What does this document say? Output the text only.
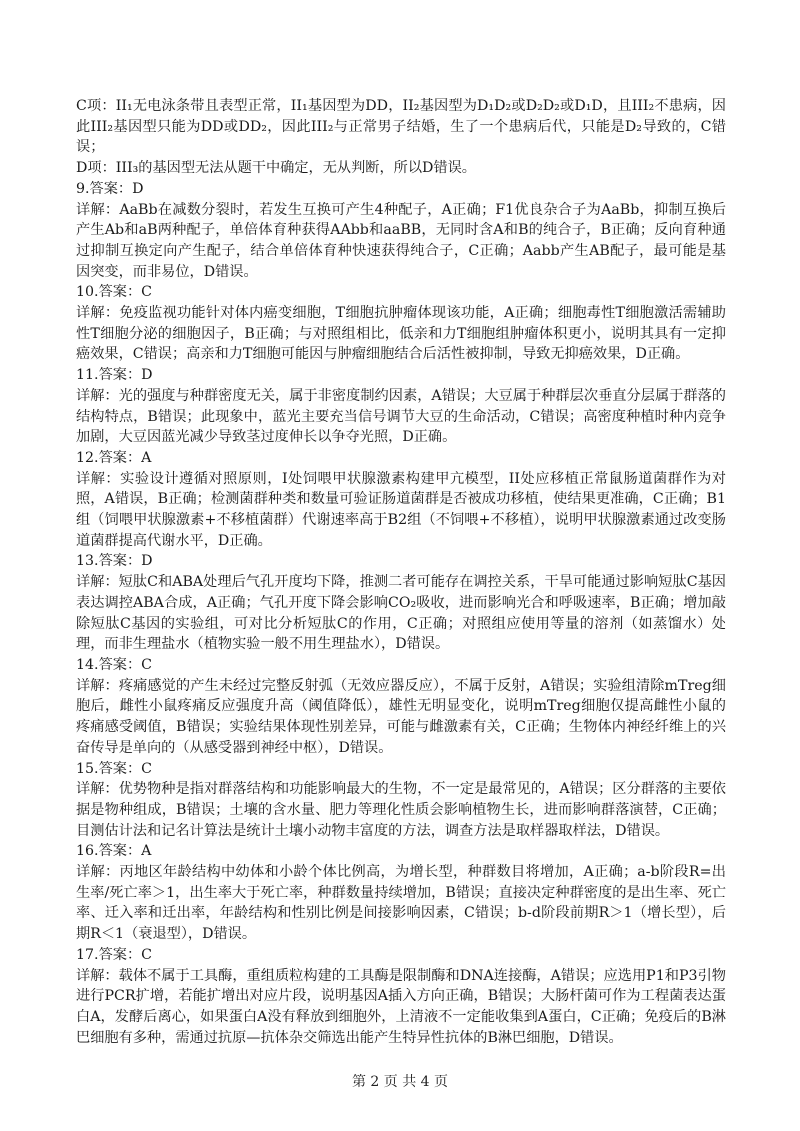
C项：II₁无电泳条带且表型正常，II₁基因型为DD，II₂基因型为D₁D₂或D₂D₂或D₁D，且III₂不患病，因此III₂基因型只能为DD或DD₂，因此III₂与正常男子结婚，生了一个患病后代，只能是D₂导致的，C错误；

D项：III₃的基因型无法从题干中确定，无从判断，所以D错误。

9.答案：D

详解：AaBb在减数分裂时，若发生互换可产生4种配子，A正确；F1优良杂合子为AaBb，抑制互换后产生Ab和aB两种配子，单倍体育种获得AAbb和aaBB，无同时含A和B的纯合子，B正确；反向育种通过抑制互换定向产生配子，结合单倍体育种快速获得纯合子，C正确；Aabb产生AB配子，最可能是基因突变，而非易位，D错误。

10.答案：C

详解：免疫监视功能针对体内癌变细胞，T细胞抗肿瘤体现该功能，A正确；细胞毒性T细胞激活需辅助性T细胞分泌的细胞因子，B正确；与对照组相比，低亲和力T细胞组肿瘤体积更小，说明其具有一定抑癌效果，C错误；高亲和力T细胞可能因与肿瘤细胞结合后活性被抑制，导致无抑癌效果，D正确。

11.答案：D

详解：光的强度与种群密度无关，属于非密度制约因素，A错误；大豆属于种群层次垂直分层属于群落的结构特点，B错误；此现象中，蓝光主要充当信号调节大豆的生命活动，C错误；高密度种植时种内竞争加剧，大豆因蓝光减少导致茎过度伸长以争夺光照，D正确。

12.答案：A

详解：实验设计遵循对照原则，I处饲喂甲状腺激素构建甲亢模型，II处应移植正常鼠肠道菌群作为对照，A错误，B正确；检测菌群种类和数量可验证肠道菌群是否被成功移植，使结果更准确，C正确；B1组（饲喂甲状腺激素+不移植菌群）代谢速率高于B2组（不饲喂+不移植），说明甲状腺激素通过改变肠道菌群提高代谢水平，D正确。

13.答案：D

详解：短肽C和ABA处理后气孔开度均下降，推测二者可能存在调控关系，干旱可能通过影响短肽C基因表达调控ABA合成，A正确；气孔开度下降会影响CO₂吸收，进而影响光合和呼吸速率，B正确；增加敲除短肽C基因的实验组，可对比分析短肽C的作用，C正确；对照组应使用等量的溶剂（如蒸馏水）处理，而非生理盐水（植物实验一般不用生理盐水），D错误。

14.答案：C

详解：疼痛感觉的产生未经过完整反射弧（无效应器反应），不属于反射，A错误；实验组清除mTreg细胞后，雌性小鼠疼痛反应强度升高（阈值降低），雄性无明显变化，说明mTreg细胞仅提高雌性小鼠的疼痛感受阈值，B错误；实验结果体现性别差异，可能与雌激素有关，C正确；生物体内神经纤维上的兴奋传导是单向的（从感受器到神经中枢），D错误。

15.答案：C

详解：优势物种是指对群落结构和功能影响最大的生物，不一定是最常见的，A错误；区分群落的主要依据是物种组成，B错误；土壤的含水量、肥力等理化性质会影响植物生长，进而影响群落演替，C正确；目测估计法和记名计算法是统计土壤小动物丰富度的方法，调查方法是取样器取样法，D错误。

16.答案：A

详解：丙地区年龄结构中幼体和小龄个体比例高，为增长型，种群数目将增加，A正确；a-b阶段R=出生率/死亡率＞1，出生率大于死亡率，种群数量持续增加，B错误；直接决定种群密度的是出生率、死亡率、迁入率和迁出率，年龄结构和性别比例是间接影响因素，C错误；b-d阶段前期R＞1（增长型），后期R＜1（衰退型），D错误。

17.答案：C

详解：载体不属于工具酶，重组质粒构建的工具酶是限制酶和DNA连接酶，A错误；应选用P1和P3引物进行PCR扩增，若能扩增出对应片段，说明基因A插入方向正确，B错误；大肠杆菌可作为工程菌表达蛋白A，发酵后离心，如果蛋白A没有释放到细胞外，上清液不一定能收集到A蛋白，C正确；免疫后的B淋巴细胞有多种，需通过抗原—抗体杂交筛选出能产生特异性抗体的B淋巴细胞，D错误。

第 2 页 共 4 页
